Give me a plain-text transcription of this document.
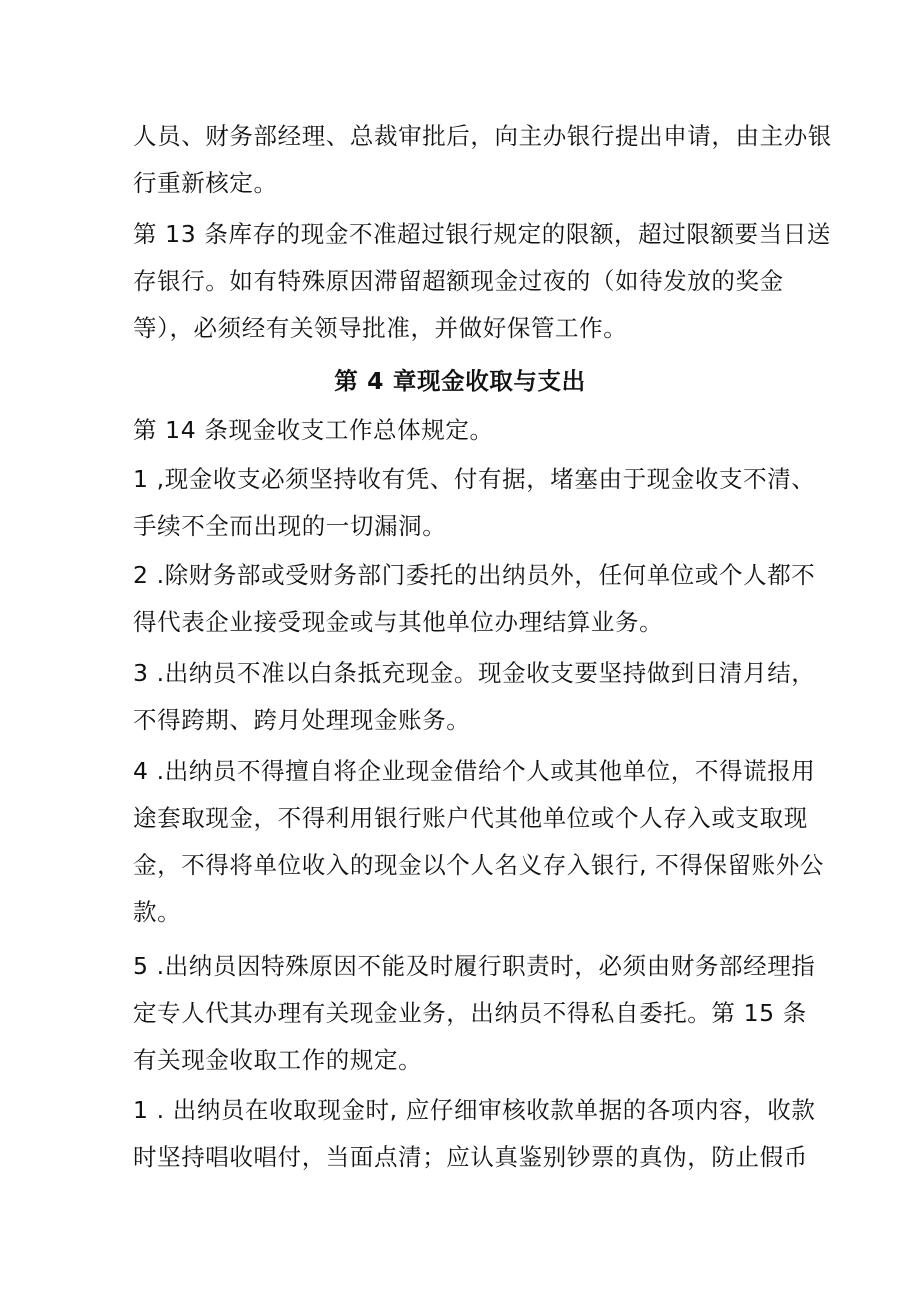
人员、财务部经理、总裁审批后，向主办银行提出申请，由主办银
行重新核定。

第 13 条库存的现金不准超过银行规定的限额，超过限额要当日送
存银行。如有特殊原因滞留超额现金过夜的（如待发放的奖金
等），必须经有关领导批准，并做好保管工作。

第 4 章现金收取与支出

第 14 条现金收支工作总体规定。

1 ,现金收支必须坚持收有凭、付有据，堵塞由于现金收支不清、
手续不全而出现的一切漏洞。

2 .除财务部或受财务部门委托的出纳员外，任何单位或个人都不
得代表企业接受现金或与其他单位办理结算业务。

3 .出纳员不准以白条抵充现金。现金收支要坚持做到日清月结，
不得跨期、跨月处理现金账务。

4 .出纳员不得擅自将企业现金借给个人或其他单位，不得谎报用
途套取现金，不得利用银行账户代其他单位或个人存入或支取现
金，不得将单位收入的现金以个人名义存入银行, 不得保留账外公
款。

5 .出纳员因特殊原因不能及时履行职责时，必须由财务部经理指
定专人代其办理有关现金业务，出纳员不得私自委托。第 15 条
有关现金收取工作的规定。

1 . 出纳员在收取现金时, 应仔细审核收款单据的各项内容，收款
时坚持唱收唱付，当面点清；应认真鉴别钞票的真伪，防止假币
